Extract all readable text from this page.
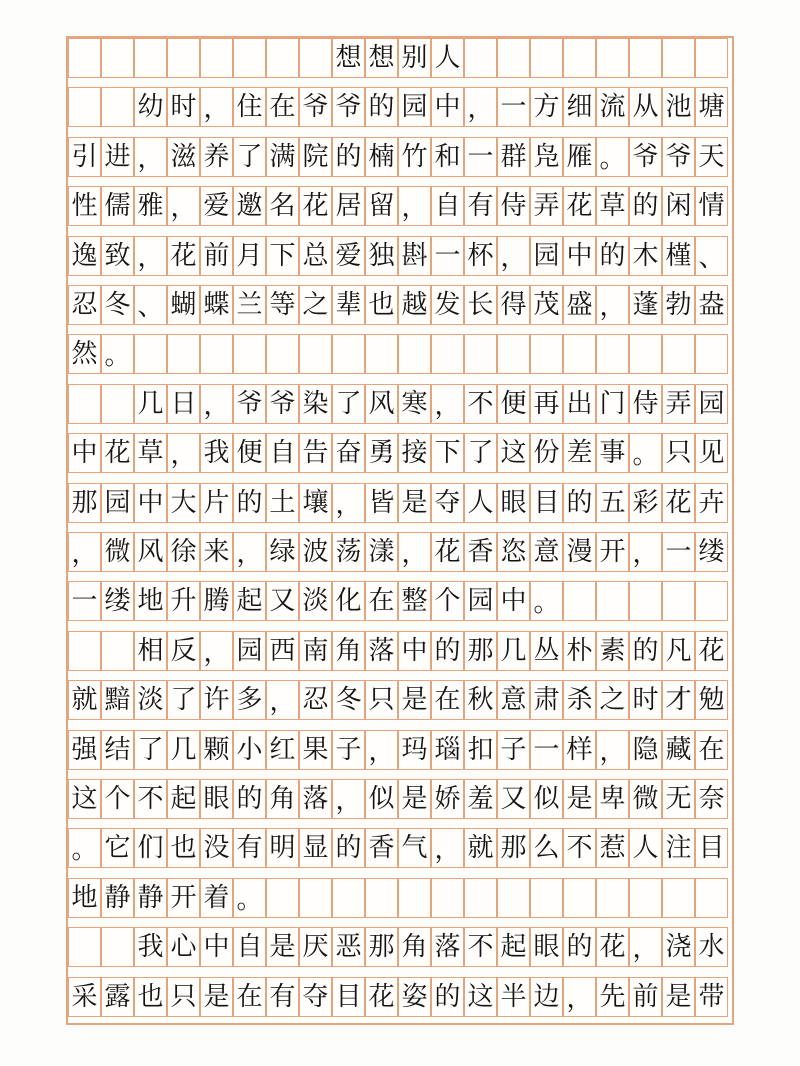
想 想 别 人
幼 时 ， 住 在 爷 爷 的 园 中 ， 一 方 细 流 从 池 塘
引 进 ， 滋 养 了 满 院 的 楠 竹 和 一 群 凫 雁 。 爷 爷 天
性 儒 雅 ， 爱 邀 名 花 居 留 ， 自 有 侍 弄 花 草 的 闲 情
逸 致 ， 花 前 月 下 总 爱 独 斟 一 杯 ， 园 中 的 木 槿 、
忍 冬 、 蝴 蝶 兰 等 之 辈 也 越 发 长 得 茂 盛 ， 蓬 勃 盎
然 。
几 日 ， 爷 爷 染 了 风 寒 ， 不 便 再 出 门 侍 弄 园
中 花 草 ， 我 便 自 告 奋 勇 接 下 了 这 份 差 事 。 只 见
那 园 中 大 片 的 土 壤 ， 皆 是 夺 人 眼 目 的 五 彩 花 卉
， 微 风 徐 来 ， 绿 波 荡 漾 ， 花 香 恣 意 漫 开 ， 一 缕
一 缕 地 升 腾 起 又 淡 化 在 整 个 园 中 。
相 反 ， 园 西 南 角 落 中 的 那 几 丛 朴 素 的 凡 花
就 黯 淡 了 许 多 ， 忍 冬 只 是 在 秋 意 肃 杀 之 时 才 勉
强 结 了 几 颗 小 红 果 子 ， 玛 瑙 扣 子 一 样 ， 隐 藏 在
这 个 不 起 眼 的 角 落 ， 似 是 娇 羞 又 似 是 卑 微 无 奈
。 它 们 也 没 有 明 显 的 香 气 ， 就 那 么 不 惹 人 注 目
地 静 静 开 着 。
我 心 中 自 是 厌 恶 那 角 落 不 起 眼 的 花 ， 浇 水
采 露 也 只 是 在 有 夺 目 花 姿 的 这 半 边 ， 先 前 是 带
